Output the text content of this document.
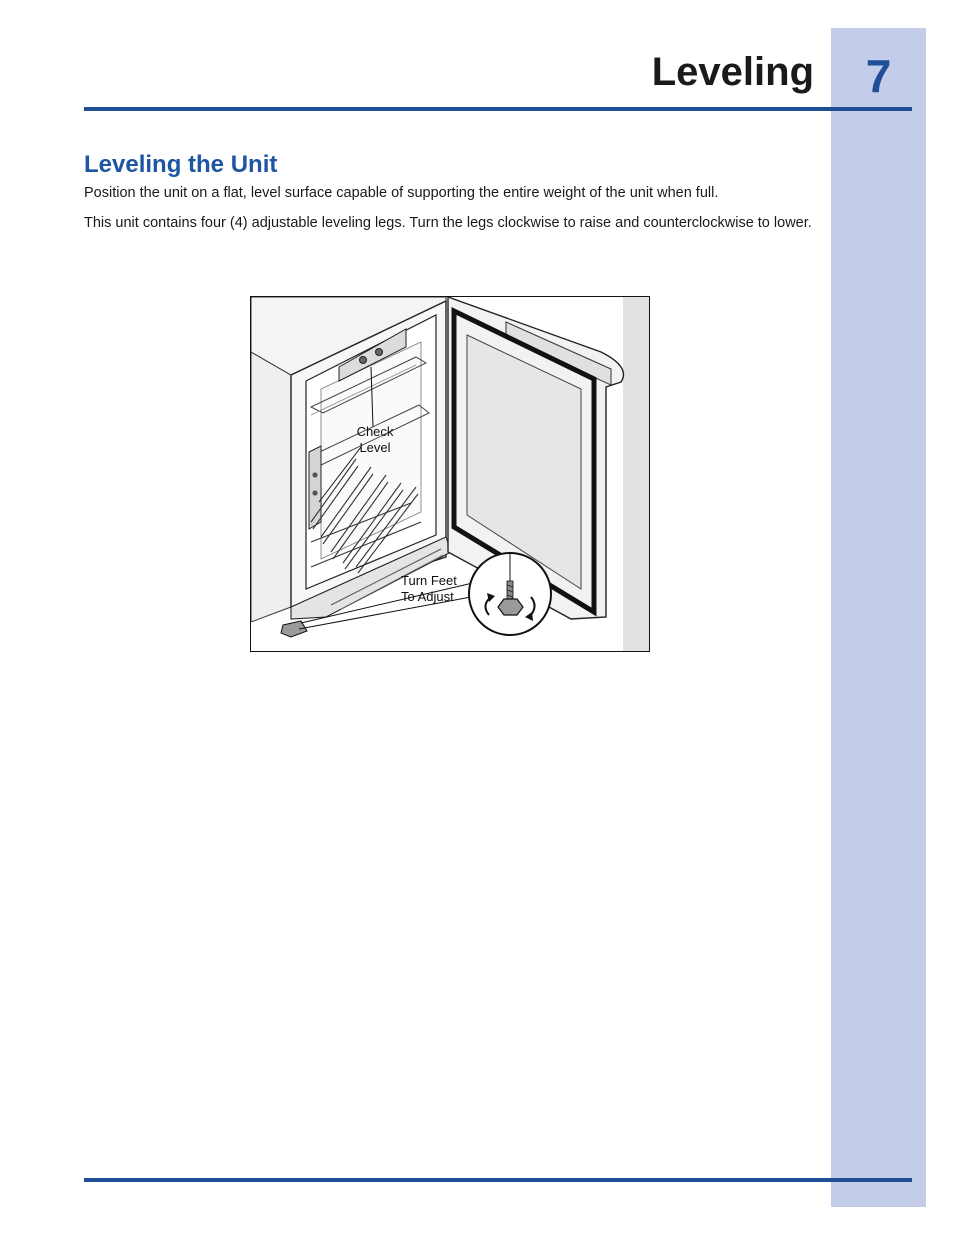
7
Leveling
Leveling the Unit

Position the unit on a flat, level surface capable of supporting the entire weight of the unit when full.

This unit contains four (4) adjustable leveling legs. Turn the legs clockwise to raise and counterclockwise to lower.

Check
Level
Turn Feet
To Adjust
